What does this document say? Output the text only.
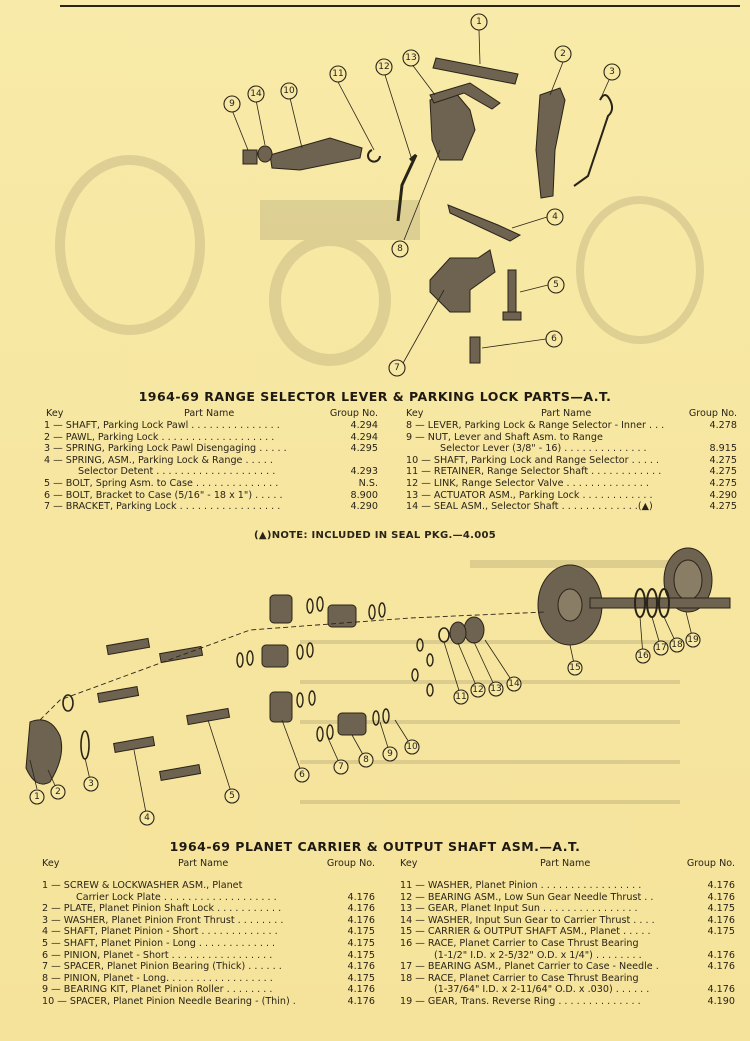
1
2
3
4
5
6
7
8
9
10
11
12
13
14
1964-69 RANGE SELECTOR LEVER & PARKING LOCK PARTS—A.T.
Key	Part Name	Group No.
1 — SHAFT, Parking Lock Pawl . . . . . . . . . . . . . . .	4.294
2 — PAWL, Parking Lock . . . . . . . . . . . . . . . . . . .	4.294
3 — SPRING, Parking Lock Pawl Disengaging . . . . .	4.295
4 — SPRING, ASM., Parking Lock & Range . . . . .
Selector Detent . . . . . . . . . . . . . . . . . . . .	4.293
5 — BOLT, Spring Asm. to Case . . . . . . . . . . . . . .	N.S.
6 — BOLT, Bracket to Case (5/16" - 18 x 1") . . . . .	8.900
7 — BRACKET, Parking Lock . . . . . . . . . . . . . . . . .	4.290
Key	Part Name	Group No.
8 — LEVER, Parking Lock & Range Selector - Inner . . .	4.278
9 — NUT, Lever and Shaft Asm. to Range
Selector Lever (3/8" - 16) . . . . . . . . . . . . . .	8.915
10 — SHAFT, Parking Lock and Range Selector . . . . .	4.275
11 — RETAINER, Range Selector Shaft . . . . . . . . . . . .	4.275
12 — LINK, Range Selector Valve . . . . . . . . . . . . . .	4.275
13 — ACTUATOR ASM., Parking Lock . . . . . . . . . . . .	4.290
14 — SEAL ASM., Selector Shaft . . . . . . . . . . . . .(▲)	4.275
(▲)NOTE: INCLUDED IN SEAL PKG.—4.005
1 2
3
4
5
6
7
8
9
10
11
12 13 14
15
16
17 18 19
1964-69 PLANET CARRIER & OUTPUT SHAFT ASM.—A.T.
Key	Part Name	Group No.
1 — SCREW & LOCKWASHER ASM., Planet
Carrier Lock Plate . . . . . . . . . . . . . . . . . . .	4.176
2 — PLATE, Planet Pinion Shaft Lock . . . . . . . . . . .	4.176
3 — WASHER, Planet Pinion Front Thrust . . . . . . . .	4.176
4 — SHAFT, Planet Pinion - Short . . . . . . . . . . . . .	4.175
5 — SHAFT, Planet Pinion - Long . . . . . . . . . . . . .	4.175
6 — PINION, Planet - Short . . . . . . . . . . . . . . . . .	4.175
7 — SPACER, Planet Pinion Bearing (Thick) . . . . . .	4.176
8 — PINION, Planet - Long. . . . . . . . . . . . . . . . . .	4.175
9 — BEARING KIT, Planet Pinion Roller . . . . . . . .	4.176
10 — SPACER, Planet Pinion Needle Bearing - (Thin) .	4.176
Key	Part Name	Group No.
11 — WASHER, Planet Pinion . . . . . . . . . . . . . . . . .	4.176
12 — BEARING ASM., Low Sun Gear Needle Thrust . .	4.176
13 — GEAR, Planet Input Sun . . . . . . . . . . . . . . . .	4.175
14 — WASHER, Input Sun Gear to Carrier Thrust . . . .	4.176
15 — CARRIER & OUTPUT SHAFT ASM., Planet . . . . .	4.175
16 — RACE, Planet Carrier to Case Thrust Bearing
(1-1/2" I.D. x 2-5/32" O.D. x 1/4") . . . . . . . .	4.176
17 — BEARING ASM., Planet Carrier to Case - Needle .	4.176
18 — RACE, Planet Carrier to Case Thrust Bearing
(1-37/64" I.D. x 2-11/64" O.D. x .030) . . . . . .	4.176
19 — GEAR, Trans. Reverse Ring . . . . . . . . . . . . . .	4.190
